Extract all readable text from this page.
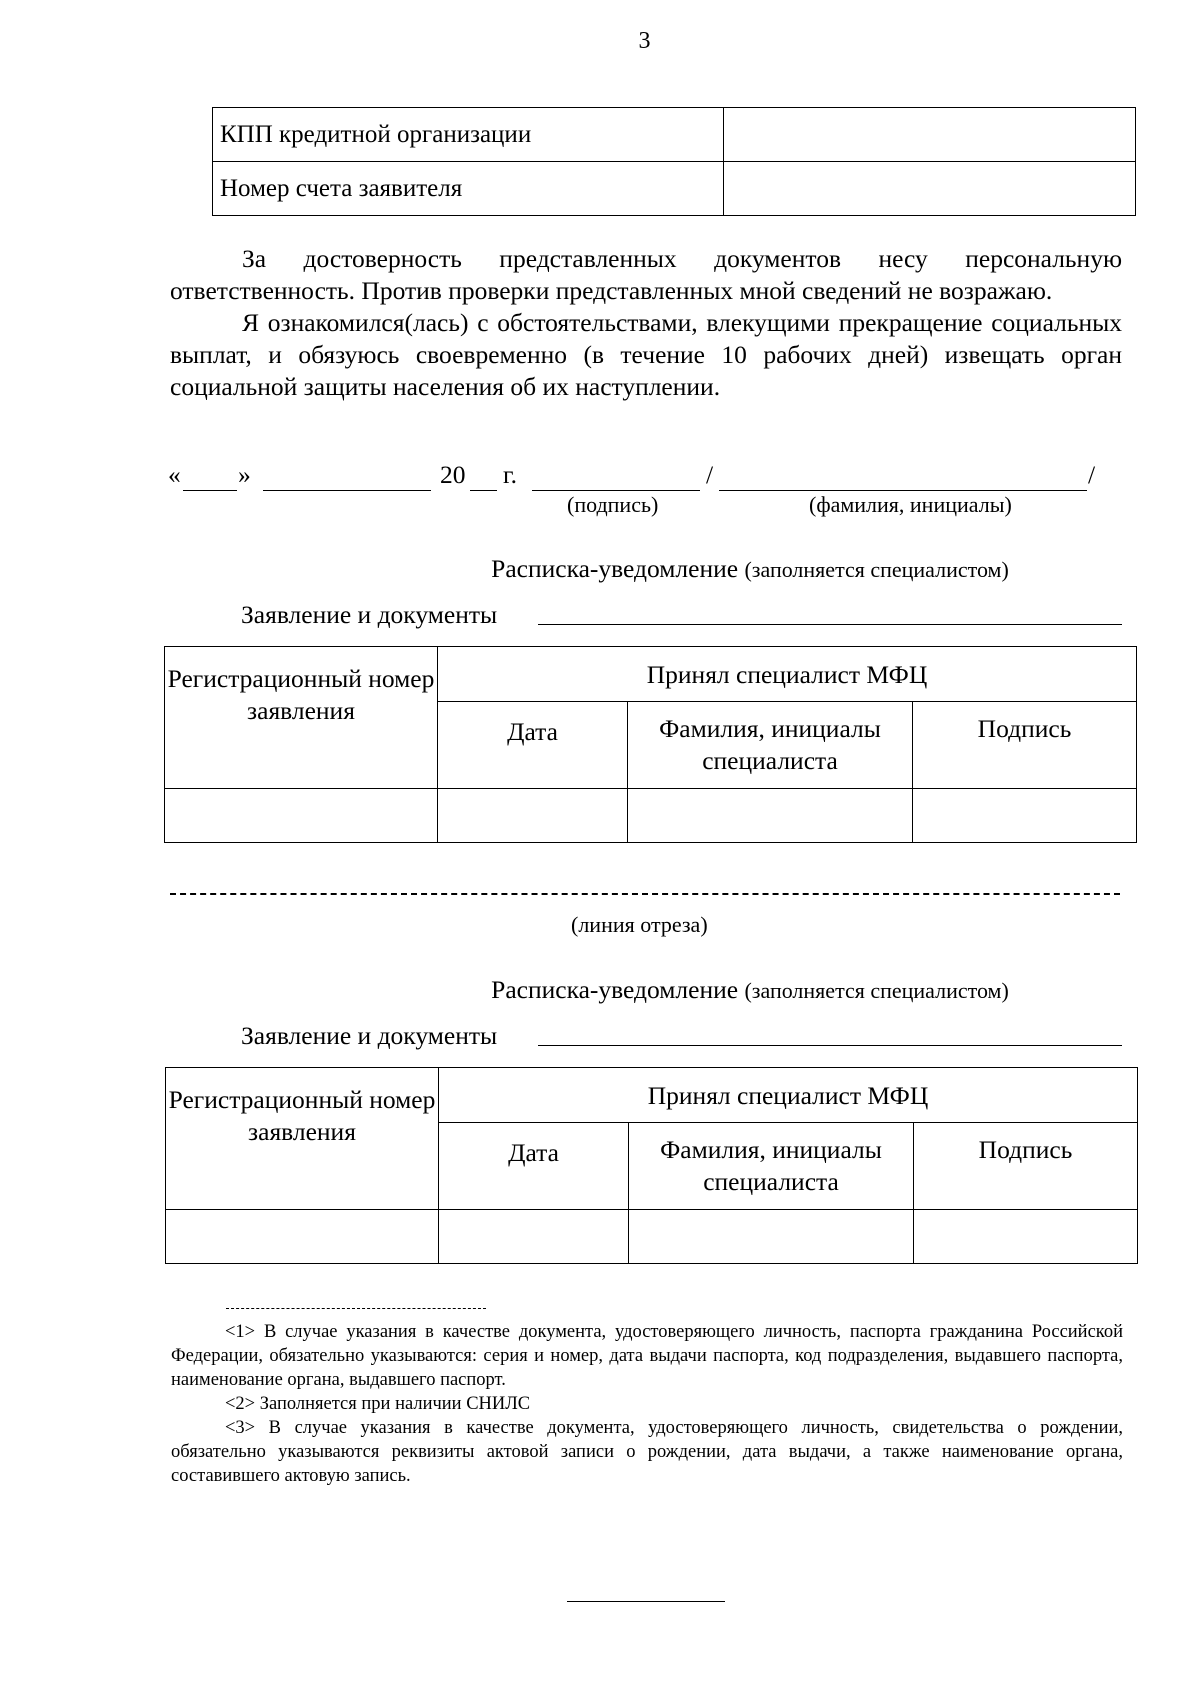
3
КПП кредитной организации	
Номер счета заявителя	

За достоверность представленных документов несу персональную ответственность. Против проверки представленных мной сведений не возражаю.

Я ознакомился(лась) с обстоятельствами, влекущими прекращение социальных выплат, и обязуюсь своевременно (в течение 10 рабочих дней) извещать орган социальной защиты населения об их наступлении.

« »	20 г.	/	/
(подпись)	(фамилия, инициалы)
Расписка-уведомление (заполняется специалистом)
Заявление и документы
Регистрационный номер заявления	Принял специалист МФЦ		
	Дата	Фамилия, инициалы специалиста	Подпись

(линия отреза)
Расписка-уведомление (заполняется специалистом)
Заявление и документы
Регистрационный номер заявления	Принял специалист МФЦ		
	Дата	Фамилия, инициалы специалиста	Подпись

<1> В случае указания в качестве документа, удостоверяющего личность, паспорта гражданина Российской Федерации, обязательно указываются: серия и номер, дата выдачи паспорта, код подразделения, выдавшего паспорта, наименование органа, выдавшего паспорт.

<2> Заполняется при наличии СНИЛС

<3> В случае указания в качестве документа, удостоверяющего личность, свидетельства о рождении, обязательно указываются реквизиты актовой записи о рождении, дата выдачи, а также наименование органа, составившего актовую запись.
